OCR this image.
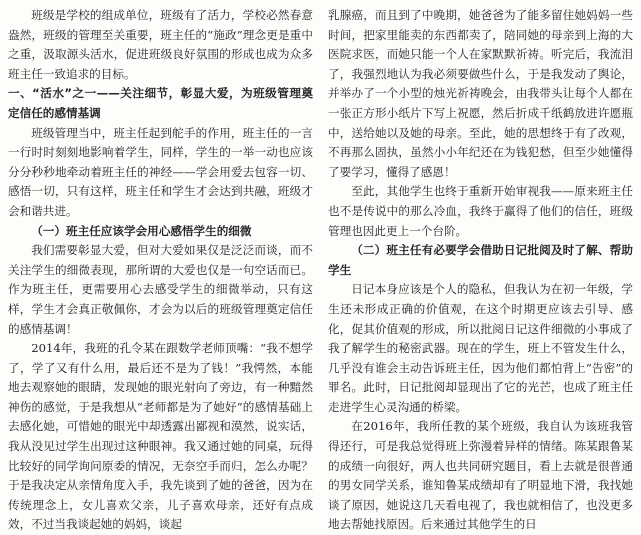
班级是学校的组成单位，班级有了活力，学校必然春意盎然，班级的管理至关重要，班主任的“施政”理念更是重中之重，汲取源头活水，促进班级良好氛围的形成也成为众多班主任一致追求的目标。

一、“活水”之一——关注细节，彰显大爱，为班级管理奠定信任的感情基调

班级管理当中，班主任起到舵手的作用，班主任的一言一行时时刻刻地影响着学生，同样，学生的一举一动也应该分分秒秒地牵动着班主任的神经——学会用爱去包容一切、感悟一切，只有这样，班主任和学生才会达到共融，班级才会和谐共进。

（一）班主任应该学会用心感悟学生的细微

我们需要彰显大爱，但对大爱如果仅是泛泛而谈，而不关注学生的细微表现，那所谓的大爱也仅是一句空话而已。作为班主任，更需要用心去感受学生的细微举动，只有这样，学生才会真正敬佩你，才会为以后的班级管理奠定信任的感情基调！

2014年，我班的孔令某在跟数学老师顶嘴：“我不想学了，学了又有什么用，最后还不是为了钱！”我愕然，本能地去观察她的眼睛，发现她的眼光射向了旁边，有一种黯然神伤的感觉，于是我想从“老师都是为了她好”的感情基础上去感化她，可惜她的眼光中却透露出鄙视和漠然，说实话，我从没见过学生出现过这种眼神。我又通过她的同桌，玩得比较好的同学询问原委的情况，无奈空手而归，怎么办呢？于是我决定从亲情角度入手，我先谈到了她的爸爸，因为在传统理念上，女儿喜欢父亲，儿子喜欢母亲，还好有点成效，不过当我谈起她的妈妈，谈起

乳腺癌，而且到了中晚期，她爸爸为了能多留住她妈妈一些时间，把家里能卖的东西都卖了，陪同她的母亲到上海的大医院求医，而她只能一个人在家默默祈祷。听完后，我流泪了，我强烈地认为我必须要做些什么，于是我发动了舆论，并举办了一个小型的烛光祈祷晚会，由我带头让每个人都在一张正方形小纸片下写上祝愿，然后折成千纸鹤放进许愿瓶中，送给她以及她的母亲。至此，她的思想终于有了改观，不再那么固执，虽然小小年纪还在为钱犯愁，但至少她懂得了要学习，懂得了感恩！

至此，其他学生也终于重新开始审视我——原来班主任也不是传说中的那么冷血，我终于赢得了他们的信任，班级管理也因此更上一个台阶。

（二）班主任有必要学会借助日记批阅及时了解、帮助学生

日记本身应该是个人的隐私，但我认为在初一年级，学生还未形成正确的价值观，在这个时期更应该去引导、感化，促其价值观的形成，所以批阅日记这件细微的小事成了我了解学生的秘密武器。现在的学生，班上不管发生什么，几乎没有谁会主动告诉班主任，因为他们都怕背上“告密”的罪名。此时，日记批阅却显现出了它的光芒，也成了班主任走进学生心灵沟通的桥梁。

在2016年，我所任教的某个班级，我自认为该班我管得还行，可是我总觉得班上弥漫着异样的情绪。陈某跟鲁某的成绩一向很好，两人也共同研究题目，看上去就是很普通的男女同学关系，谁知鲁某成绩却有了明显地下滑，我找她谈了原因，她说这几天看电视了，我也就相信了，也没更多地去帮她找原因。后来通过其他学生的日
